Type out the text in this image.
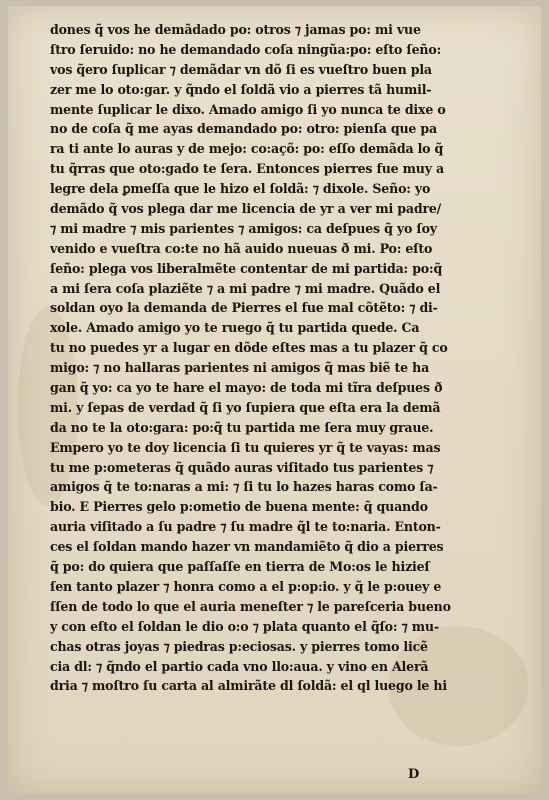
dones q̃ vos he demãdado po: otros ⁊ jamas po: mi vue
ſtro ſeruido: no he demandado coſa ningũa:po: eſto ſeño:
vos q̃ero ſuplicar ⁊ demãdar vn dõ ſi es vueſtro buen pla
zer me lo oto:gar. y q̃ndo el ſoldã vio a pierres tã humil-
mente ſuplicar le dixo. Amado amigo ſi yo nunca te dixe o
no de coſa q̃ me ayas demandado po: otro: pienſa que pa
ra ti ante lo auras y de mejo: co:açõ: po: eſſo demãda lo q̃
tu q̃rras que oto:gado te ſera. Entonces pierres fue muy a
legre dela ꝑmeſſa que le hizo el ſoldã: ⁊ dixole. Seño: yo
demãdo q̃ vos plega dar me licencia de yr a ver mi padre/
⁊ mi madre ⁊ mis parientes ⁊ amigos: ca deſpues q̃ yo ſoy
venido e vueſtra co:te no hã auido nueuas ð mi. Po: eſto
ſeño: plega vos liberalmẽte contentar de mi partida: po:q̃
a mi ſera coſa plaziẽte ⁊ a mi padre ⁊ mi madre. Quãdo el
soldan oyo la demanda de Pierres el fue mal cõtẽto: ⁊ di-
xole. Amado amigo yo te ruego q̃ tu partida quede. Ca
tu no puedes yr a lugar en dõde eſtes mas a tu plazer q̃ co
migo: ⁊ no hallaras parientes ni amigos q̃ mas biẽ te ha
gan q̃ yo: ca yo te hare el mayo: de toda mi tĩra deſpues ð
mi. y ſepas de verdad q̃ ſi yo ſupiera que eſta era la demã
da no te la oto:gara: po:q̃ tu partida me ſera muy graue.
Empero yo te doy licencia ſi tu quieres yr q̃ te vayas: mas
tu me p:ometeras q̃ quãdo auras viſitado tus parientes ⁊
amigos q̃ te to:naras a mi: ⁊ ſi tu lo hazes haras como ſa-
bio. E Pierres gelo p:ometio de buena mente: q̃ quando
auria viſitado a ſu padre ⁊ ſu madre q̃l te to:naria. Enton-
ces el ſoldan mando hazer vn mandamiẽto q̃ dio a pierres
q̃ po: do quiera que paſſaſſe en tierra de Mo:os le hizieſ
ſen tanto plazer ⁊ honra como a el p:op:io. y q̃ le p:ouey e
ſſen de todo lo que el auria meneſter ⁊ le pareſceria bueno
y con eſto el ſoldan le dio o:o ⁊ plata quanto el q̃ſo: ⁊ mu-
chas otras joyas ⁊ piedras p:eciosas. y pierres tomo licẽ
cia dl: ⁊ q̃ndo el partio cada vno llo:aua. y vino en Alerã
dria ⁊ moſtro ſu carta al almirãte dl ſoldã: el ql luego le hi
D
